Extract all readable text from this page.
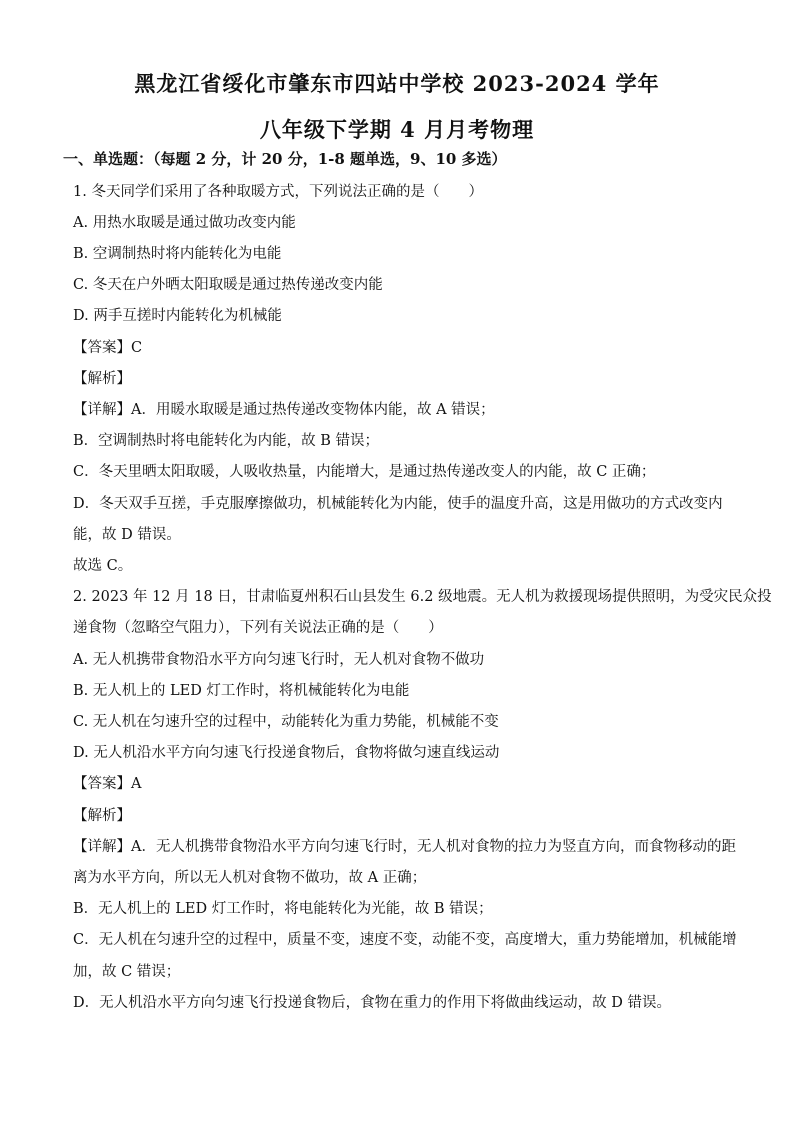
黑龙江省绥化市肇东市四站中学校 2023-2024 学年
八年级下学期 4 月月考物理
一、单选题：（每题 2 分，计 20 分，1-8 题单选，9、10 多选）
1. 冬天同学们采用了各种取暖方式，下列说法正确的是（　　）
A. 用热水取暖是通过做功改变内能
B. 空调制热时将内能转化为电能
C. 冬天在户外晒太阳取暖是通过热传递改变内能
D. 两手互搓时内能转化为机械能
【答案】C
【解析】
【详解】A．用暖水取暖是通过热传递改变物体内能，故 A 错误；
B．空调制热时将电能转化为内能，故 B 错误；
C．冬天里晒太阳取暖，人吸收热量，内能增大，是通过热传递改变人的内能，故 C 正确；
D．冬天双手互搓，手克服摩擦做功，机械能转化为内能，使手的温度升高，这是用做功的方式改变内
能，故 D 错误。
故选 C。
2. 2023 年 12 月 18 日，甘肃临夏州积石山县发生 6.2 级地震。无人机为救援现场提供照明，为受灾民众投
递食物（忽略空气阻力），下列有关说法正确的是（　　）
A. 无人机携带食物沿水平方向匀速飞行时，无人机对食物不做功
B. 无人机上的 LED 灯工作时，将机械能转化为电能
C. 无人机在匀速升空的过程中，动能转化为重力势能，机械能不变
D. 无人机沿水平方向匀速飞行投递食物后，食物将做匀速直线运动
【答案】A
【解析】
【详解】A．无人机携带食物沿水平方向匀速飞行时，无人机对食物的拉力为竖直方向，而食物移动的距
离为水平方向，所以无人机对食物不做功，故 A 正确；
B．无人机上的 LED 灯工作时，将电能转化为光能，故 B 错误；
C．无人机在匀速升空的过程中，质量不变，速度不变，动能不变，高度增大，重力势能增加，机械能增
加，故 C 错误；
D．无人机沿水平方向匀速飞行投递食物后，食物在重力的作用下将做曲线运动，故 D 错误。
